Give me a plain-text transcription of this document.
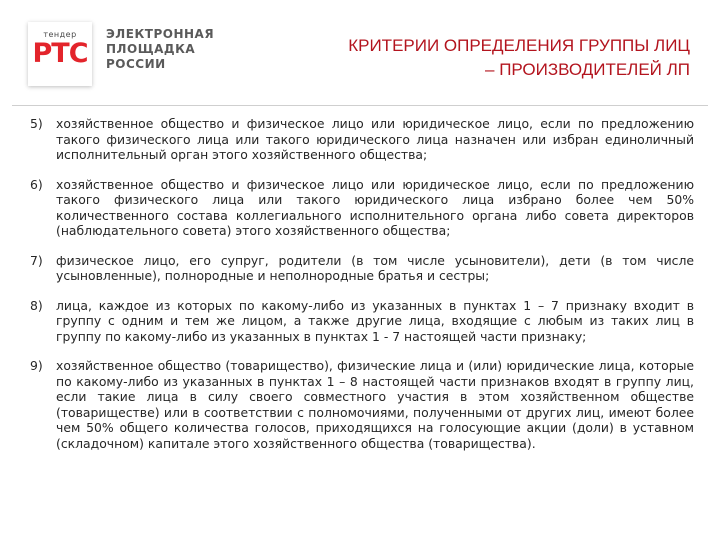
тендер
РТС
ЭЛЕКТРОННАЯ
ПЛОЩАДКА
РОССИИ
КРИТЕРИИ ОПРЕДЕЛЕНИЯ ГРУППЫ ЛИЦ
– ПРОИЗВОДИТЕЛЕЙ ЛП
5)	хозяйственное общество и физическое лицо или юридическое лицо, если по предложению такого физического лица или такого юридического лица назначен или избран единоличный исполнительный орган этого хозяйственного общества;
6)	хозяйственное общество и физическое лицо или юридическое лицо, если по предложению такого физического лица или такого юридического лица избрано более чем 50% количественного состава коллегиального исполнительного органа либо совета директоров (наблюдательного совета) этого хозяйственного общества;
7)	физическое лицо, его супруг, родители (в том числе усыновители), дети (в том числе усыновленные), полнородные и неполнородные братья и сестры;
8)	лица, каждое из которых по какому-либо из указанных в пунктах 1 – 7 признаку входит в группу с одним и тем же лицом, а также другие лица, входящие с любым из таких лиц в группу по какому-либо из указанных в пунктах 1 - 7 настоящей части признаку;
9)	хозяйственное общество (товарищество), физические лица и (или) юридические лица, которые по какому-либо из указанных в пунктах 1 – 8 настоящей части признаков входят в группу лиц, если такие лица в силу своего совместного участия в этом хозяйственном обществе (товариществе) или в соответствии с полномочиями, полученными от других лиц, имеют более чем 50% общего количества голосов, приходящихся на голосующие акции (доли) в уставном (складочном) капитале этого хозяйственного общества (товарищества).
